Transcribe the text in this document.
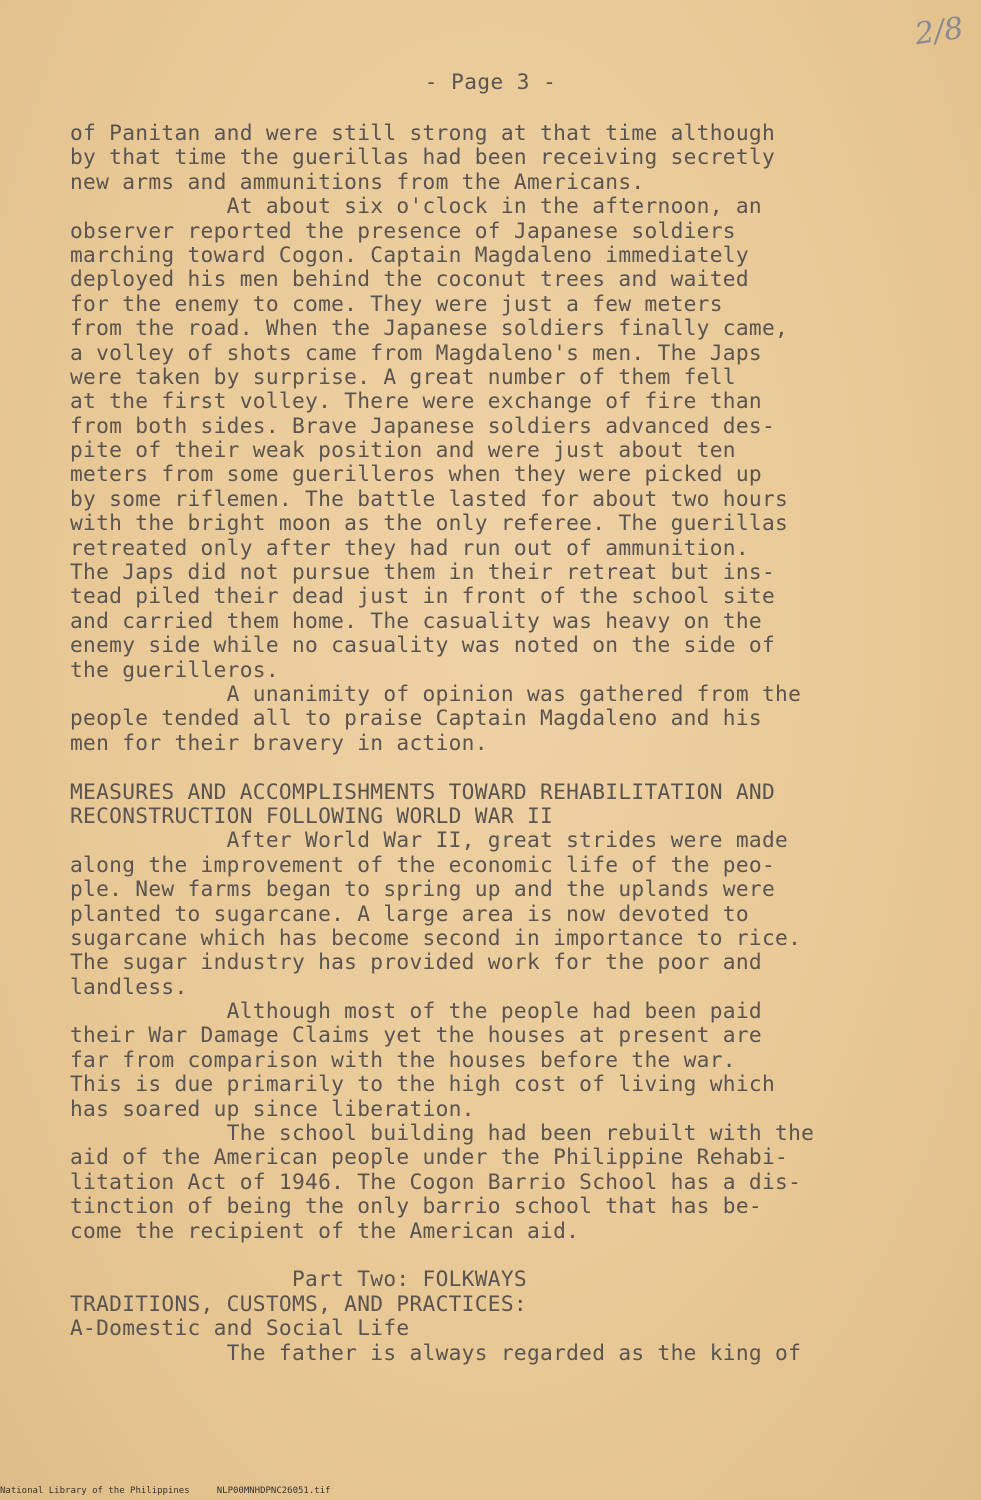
2/8
- Page 3 -
of Panitan and were still strong at that time although
by that time the guerillas had been receiving secretly
new arms and ammunitions from the Americans.
At about six o'clock in the afternoon, an
observer reported the presence of Japanese soldiers
marching toward Cogon. Captain Magdaleno immediately
deployed his men behind the coconut trees and waited
for the enemy to come. They were just a few meters
from the road. When the Japanese soldiers finally came,
a volley of shots came from Magdaleno's men. The Japs
were taken by surprise. A great number of them fell
at the first volley. There were exchange of fire than
from both sides. Brave Japanese soldiers advanced des-
pite of their weak position and were just about ten
meters from some guerilleros when they were picked up
by some riflemen. The battle lasted for about two hours
with the bright moon as the only referee. The guerillas
retreated only after they had run out of ammunition.
The Japs did not pursue them in their retreat but ins-
tead piled their dead just in front of the school site
and carried them home. The casuality was heavy on the
enemy side while no casuality was noted on the side of
the guerilleros.
A unanimity of opinion was gathered from the
people tended all to praise Captain Magdaleno and his
men for their bravery in action.
MEASURES AND ACCOMPLISHMENTS TOWARD REHABILITATION AND
RECONSTRUCTION FOLLOWING WORLD WAR II
After World War II, great strides were made
along the improvement of the economic life of the peo-
ple. New farms began to spring up and the uplands were
planted to sugarcane. A large area is now devoted to
sugarcane which has become second in importance to rice.
The sugar industry has provided work for the poor and
landless.
Although most of the people had been paid
their War Damage Claims yet the houses at present are
far from comparison with the houses before the war.
This is due primarily to the high cost of living which
has soared up since liberation.
The school building had been rebuilt with the
aid of the American people under the Philippine Rehabi-
litation Act of 1946. The Cogon Barrio School has a dis-
tinction of being the only barrio school that has be-
come the recipient of the American aid.
Part Two: FOLKWAYS
TRADITIONS, CUSTOMS, AND PRACTICES:
A-Domestic and Social Life
The father is always regarded as the king of
National Library of the Philippines     NLP00MNHDPNC26051.tif
